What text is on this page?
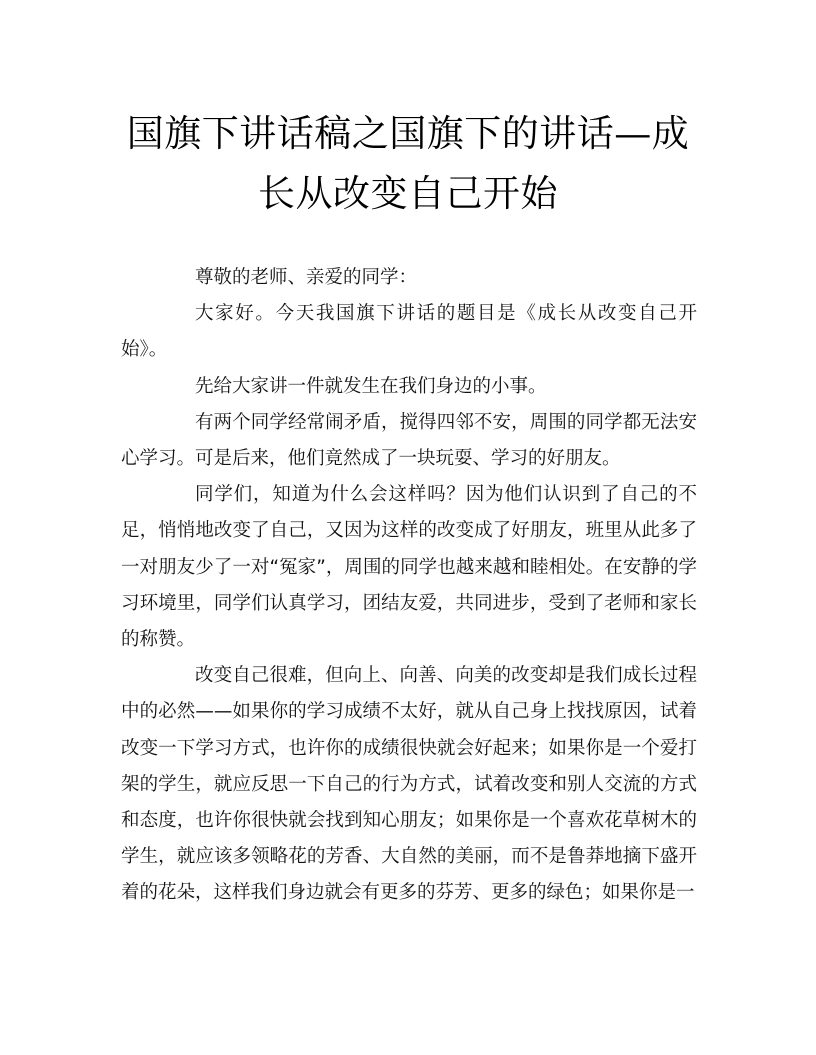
国旗下讲话稿之国旗下的讲话—成长从改变自己开始

尊敬的老师、亲爱的同学：

大家好。今天我国旗下讲话的题目是《成长从改变自己开始》。

先给大家讲一件就发生在我们身边的小事。

有两个同学经常闹矛盾，搅得四邻不安，周围的同学都无法安心学习。可是后来，他们竟然成了一块玩耍、学习的好朋友。

同学们，知道为什么会这样吗？因为他们认识到了自己的不足，悄悄地改变了自己，又因为这样的改变成了好朋友，班里从此多了一对朋友少了一对“冤家”，周围的同学也越来越和睦相处。在安静的学习环境里，同学们认真学习，团结友爱，共同进步，受到了老师和家长的称赞。

改变自己很难，但向上、向善、向美的改变却是我们成长过程中的必然——如果你的学习成绩不太好，就从自己身上找找原因，试着改变一下学习方式，也许你的成绩很快就会好起来；如果你是一个爱打架的学生，就应反思一下自己的行为方式，试着改变和别人交流的方式和态度，也许你很快就会找到知心朋友；如果你是一个喜欢花草树木的学生，就应该多领略花的芳香、大自然的美丽，而不是鲁莽地摘下盛开着的花朵，这样我们身边就会有更多的芬芳、更多的绿色；如果你是一
